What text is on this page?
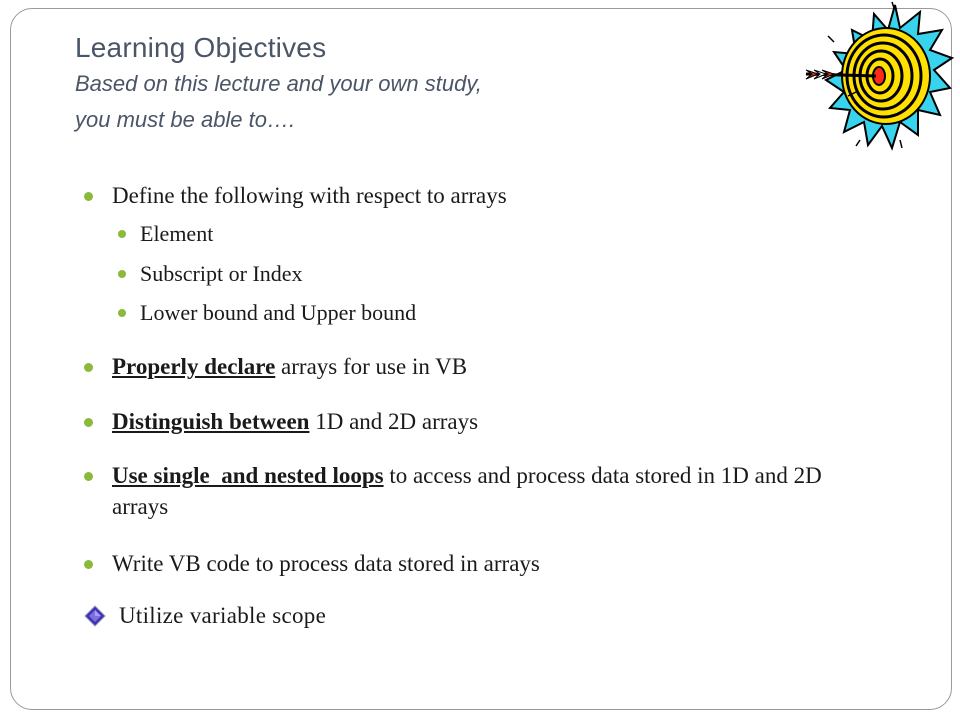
Learning Objectives
Based on this lecture and your own study,
you must be able to….
Define the following with respect to arrays
Element
Subscript or Index
Lower bound and Upper bound
Properly declare arrays for use in VB
Distinguish between 1D and 2D arrays
Use single  and nested loops to access and process data stored in 1D and 2D arrays
Write VB code to process data stored in arrays
Utilize variable scope
